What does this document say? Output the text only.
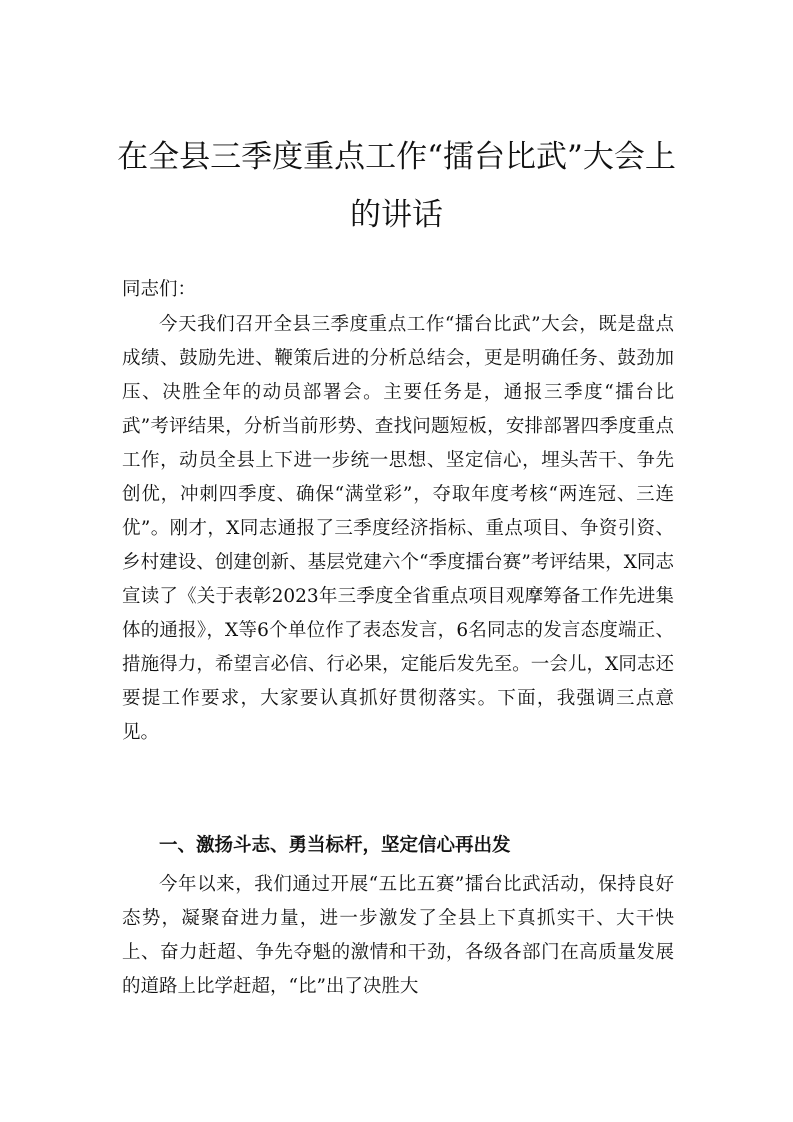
在全县三季度重点工作“擂台比武”大会上
的讲话

同志们：

今天我们召开全县三季度重点工作“擂台比武”大会，既是盘点成绩、鼓励先进、鞭策后进的分析总结会，更是明确任务、鼓劲加压、决胜全年的动员部署会。主要任务是，通报三季度“擂台比武”考评结果，分析当前形势、查找问题短板，安排部署四季度重点工作，动员全县上下进一步统一思想、坚定信心，埋头苦干、争先创优，冲刺四季度、确保“满堂彩”，夺取年度考核“两连冠、三连优”。刚才，X同志通报了三季度经济指标、重点项目、争资引资、乡村建设、创建创新、基层党建六个“季度擂台赛”考评结果，X同志宣读了《关于表彰2023年三季度全省重点项目观摩筹备工作先进集体的通报》，X等6个单位作了表态发言，6名同志的发言态度端正、措施得力，希望言必信、行必果，定能后发先至。一会儿，X同志还要提工作要求，大家要认真抓好贯彻落实。下面，我强调三点意见。

一、激扬斗志、勇当标杆，坚定信心再出发

今年以来，我们通过开展“五比五赛”擂台比武活动，保持良好态势，凝聚奋进力量，进一步激发了全县上下真抓实干、大干快上、奋力赶超、争先夺魁的激情和干劲，各级各部门在高质量发展的道路上比学赶超，“比”出了决胜大
